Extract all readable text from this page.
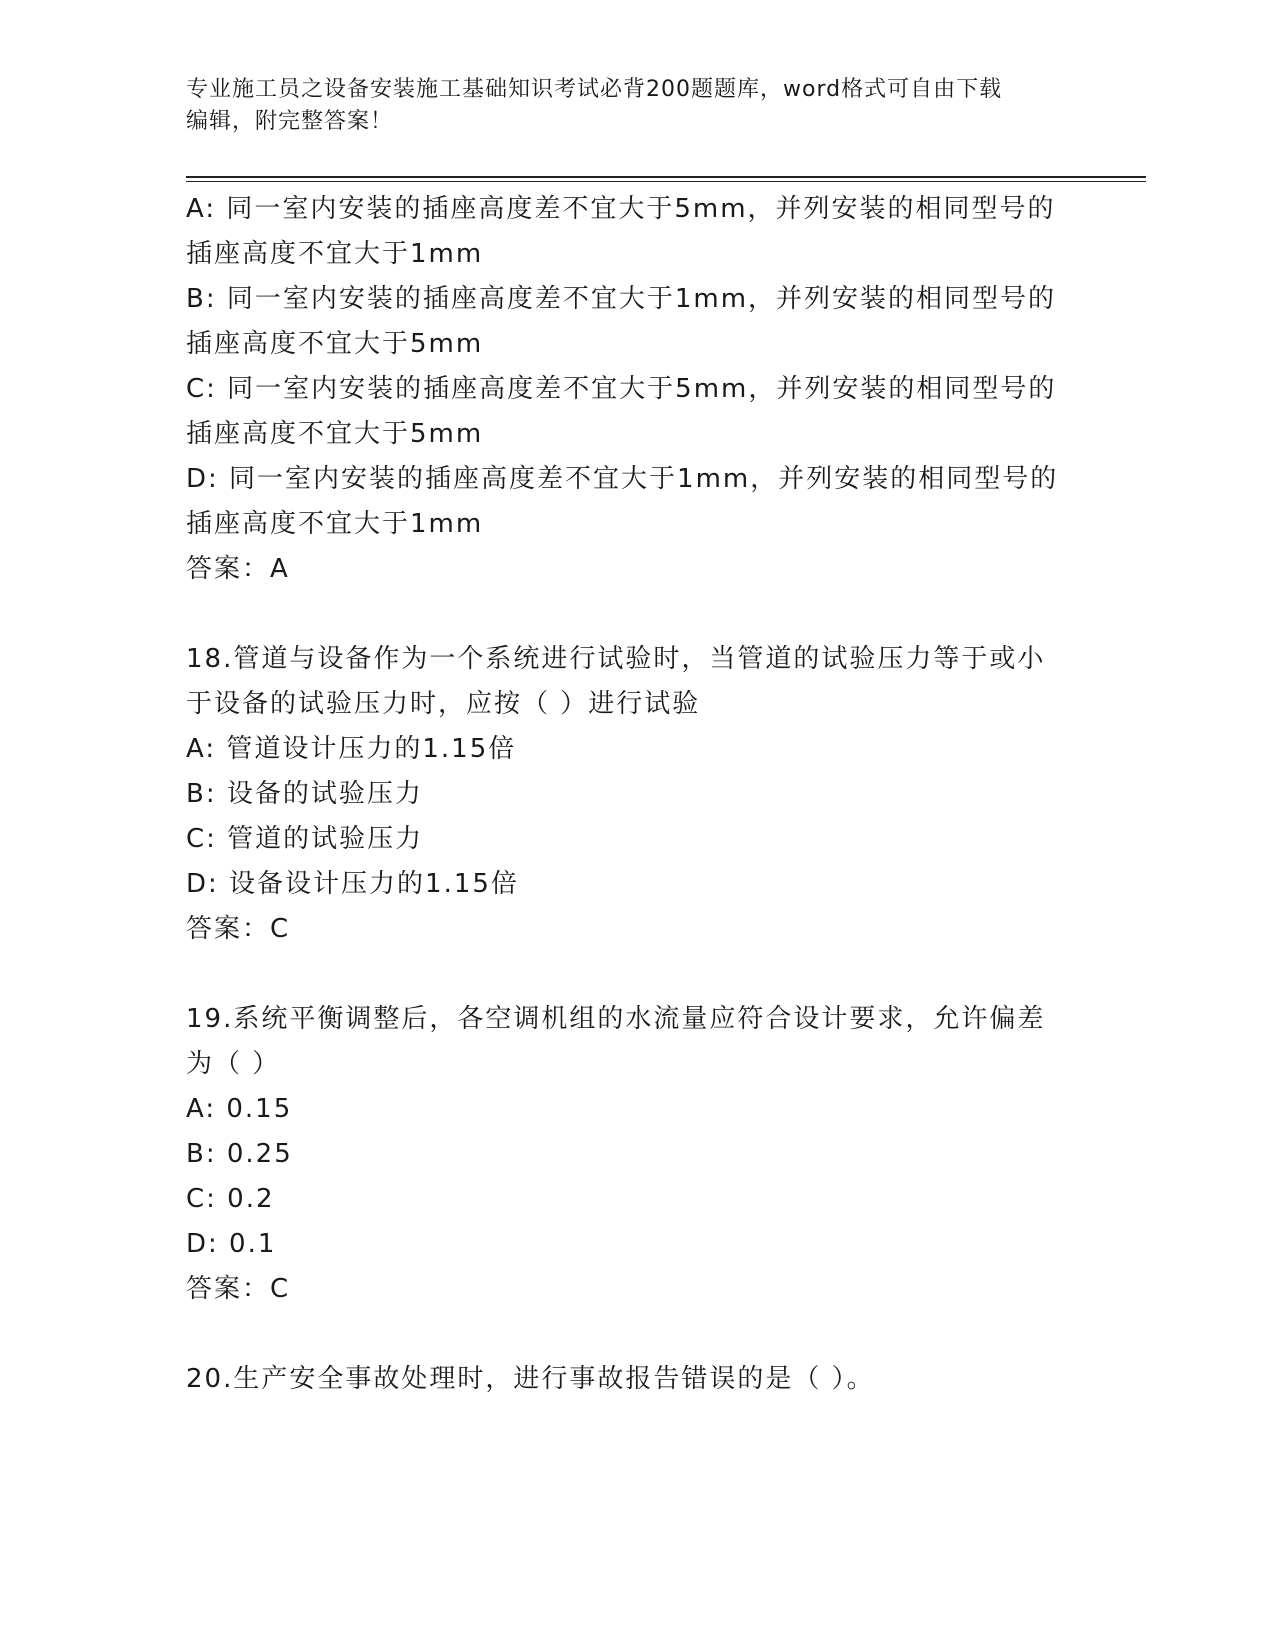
专业施工员之设备安装施工基础知识考试必背200题题库，word格式可自由下载
编辑，附完整答案！
A: 同一室内安装的插座高度差不宜大于5mm，并列安装的相同型号的
插座高度不宜大于1mm
B: 同一室内安装的插座高度差不宜大于1mm，并列安装的相同型号的
插座高度不宜大于5mm
C: 同一室内安装的插座高度差不宜大于5mm，并列安装的相同型号的
插座高度不宜大于5mm
D: 同一室内安装的插座高度差不宜大于1mm，并列安装的相同型号的
插座高度不宜大于1mm
答案：A
18.管道与设备作为一个系统进行试验时，当管道的试验压力等于或小
于设备的试验压力时，应按（ ）进行试验
A: 管道设计压力的1.15倍
B: 设备的试验压力
C: 管道的试验压力
D: 设备设计压力的1.15倍
答案：C
19.系统平衡调整后，各空调机组的水流量应符合设计要求，允许偏差
为（ ）
A: 0.15
B: 0.25
C: 0.2
D: 0.1
答案：C
20.生产安全事故处理时，进行事故报告错误的是（ ）。
